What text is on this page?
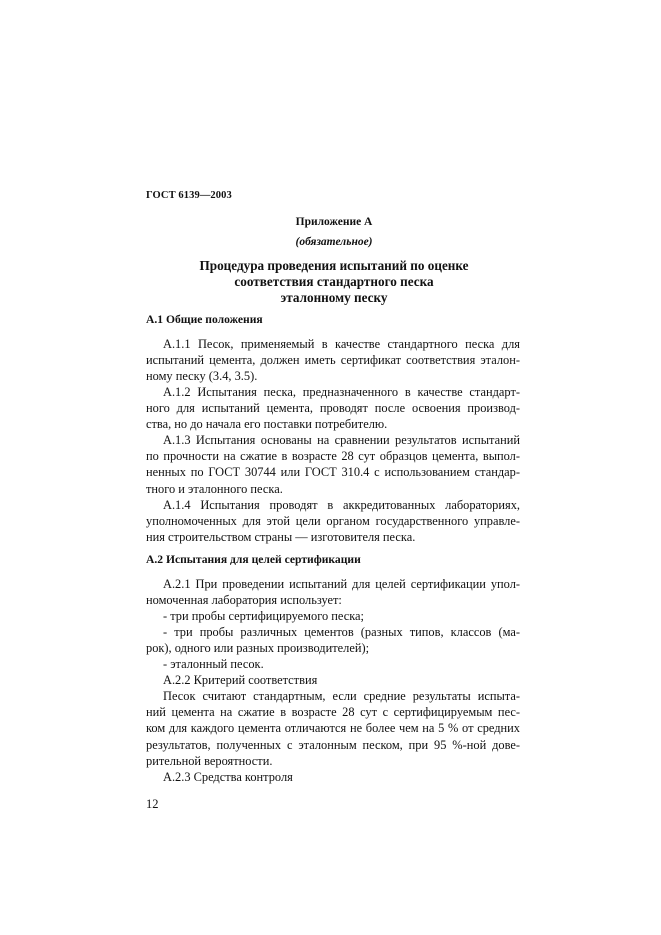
ГОСТ 6139—2003
Приложение А
(обязательное)
Процедура проведения испытаний по оценке
соответствия стандартного песка
эталонному песку
А.1 Общие положения
А.1.1 Песок, применяемый в качестве стандартного песка для
испытаний цемента, должен иметь сертификат соответствия эталон-
ному песку (3.4, 3.5).
А.1.2 Испытания песка, предназначенного в качестве стандарт-
ного для испытаний цемента, проводят после освоения производ-
ства, но до начала его поставки потребителю.
А.1.3 Испытания основаны на сравнении результатов испытаний
по прочности на сжатие в возрасте 28 сут образцов цемента, выпол-
ненных по ГОСТ 30744 или ГОСТ 310.4 с использованием стандар-
тного и эталонного песка.
А.1.4 Испытания проводят в аккредитованных лабораториях,
уполномоченных для этой цели органом государственного управле-
ния строительством страны — изготовителя песка.
А.2 Испытания для целей сертификации
А.2.1 При проведении испытаний для целей сертификации упол-
номоченная лаборатория использует:
- три пробы сертифицируемого песка;
- три пробы различных цементов (разных типов, классов (ма-
рок), одного или разных производителей);
- эталонный песок.
А.2.2 Критерий соответствия
Песок считают стандартным, если средние результаты испыта-
ний цемента на сжатие в возрасте 28 сут с сертифицируемым пес-
ком для каждого цемента отличаются не более чем на 5 % от средних
результатов, полученных с эталонным песком, при 95 %-ной дове-
рительной вероятности.
А.2.3 Средства контроля
12
